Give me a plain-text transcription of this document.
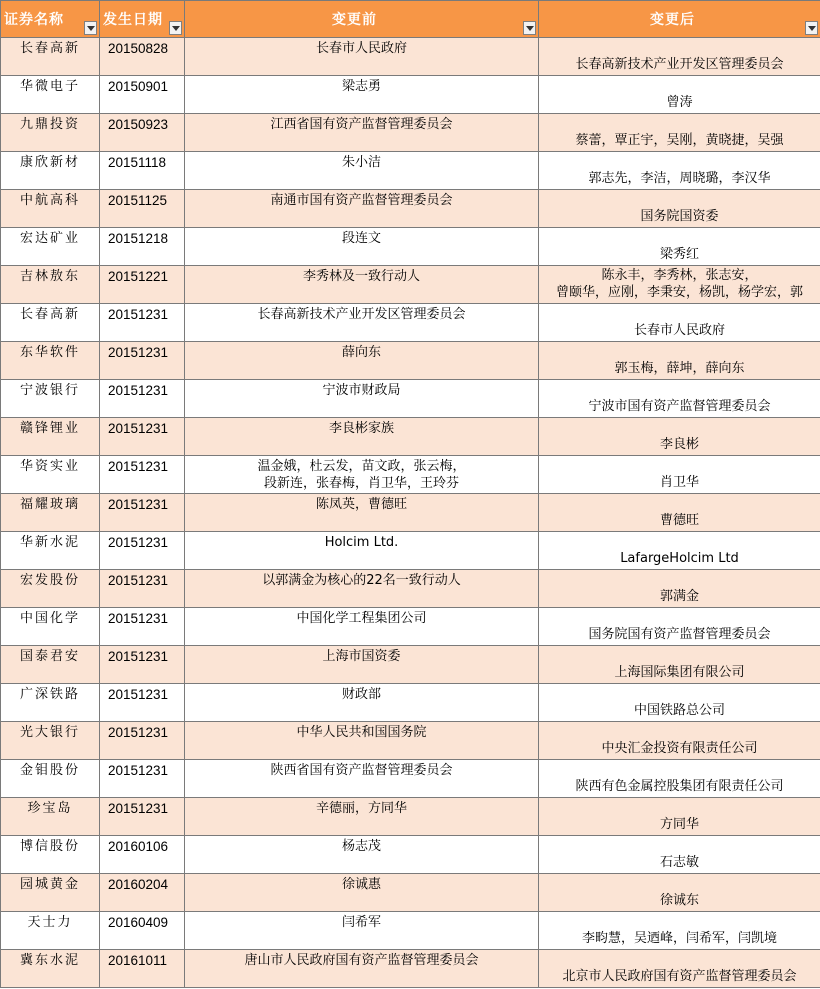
证券名称	发生日期	变更前	变更后

长春高新	20150828	长春市人民政府	长春高新技术产业开发区管理委员会
华微电子	20150901	梁志勇	曾涛
九鼎投资	20150923	江西省国有资产监督管理委员会	蔡蕾，覃正宇，吴刚，黄晓捷，吴强
康欣新材	20151118	朱小洁	郭志先，李洁，周晓璐，李汉华
中航高科	20151125	南通市国有资产监督管理委员会	国务院国资委
宏达矿业	20151218	段连文	梁秀红
吉林敖东	20151221	李秀林及一致行动人	陈永丰，李秀林，张志安，
曾颐华，应刚，李秉安，杨凯，杨学宏，郭
长春高新	20151231	长春高新技术产业开发区管理委员会	长春市人民政府
东华软件	20151231	薛向东	郭玉梅，薛坤，薛向东
宁波银行	20151231	宁波市财政局	宁波市国有资产监督管理委员会
赣锋锂业	20151231	李良彬家族	李良彬
华资实业	20151231	温金娥，杜云发，苗文政，张云梅，
段新连，张春梅，肖卫华，王玲芬	肖卫华
福耀玻璃	20151231	陈凤英，曹德旺	曹德旺
华新水泥	20151231	Holcim Ltd.	LafargeHolcim Ltd
宏发股份	20151231	以郭满金为核心的22名一致行动人	郭满金
中国化学	20151231	中国化学工程集团公司	国务院国有资产监督管理委员会
国泰君安	20151231	上海市国资委	上海国际集团有限公司
广深铁路	20151231	财政部	中国铁路总公司
光大银行	20151231	中华人民共和国国务院	中央汇金投资有限责任公司
金钼股份	20151231	陕西省国有资产监督管理委员会	陕西有色金属控股集团有限责任公司
珍宝岛	20151231	辛德丽，方同华	方同华
博信股份	20160106	杨志茂	石志敏
园城黄金	20160204	徐诚惠	徐诚东
天士力	20160409	闫希军	李畇慧，吴迺峰，闫希军，闫凯境
冀东水泥	20161011	唐山市人民政府国有资产监督管理委员会	北京市人民政府国有资产监督管理委员会
